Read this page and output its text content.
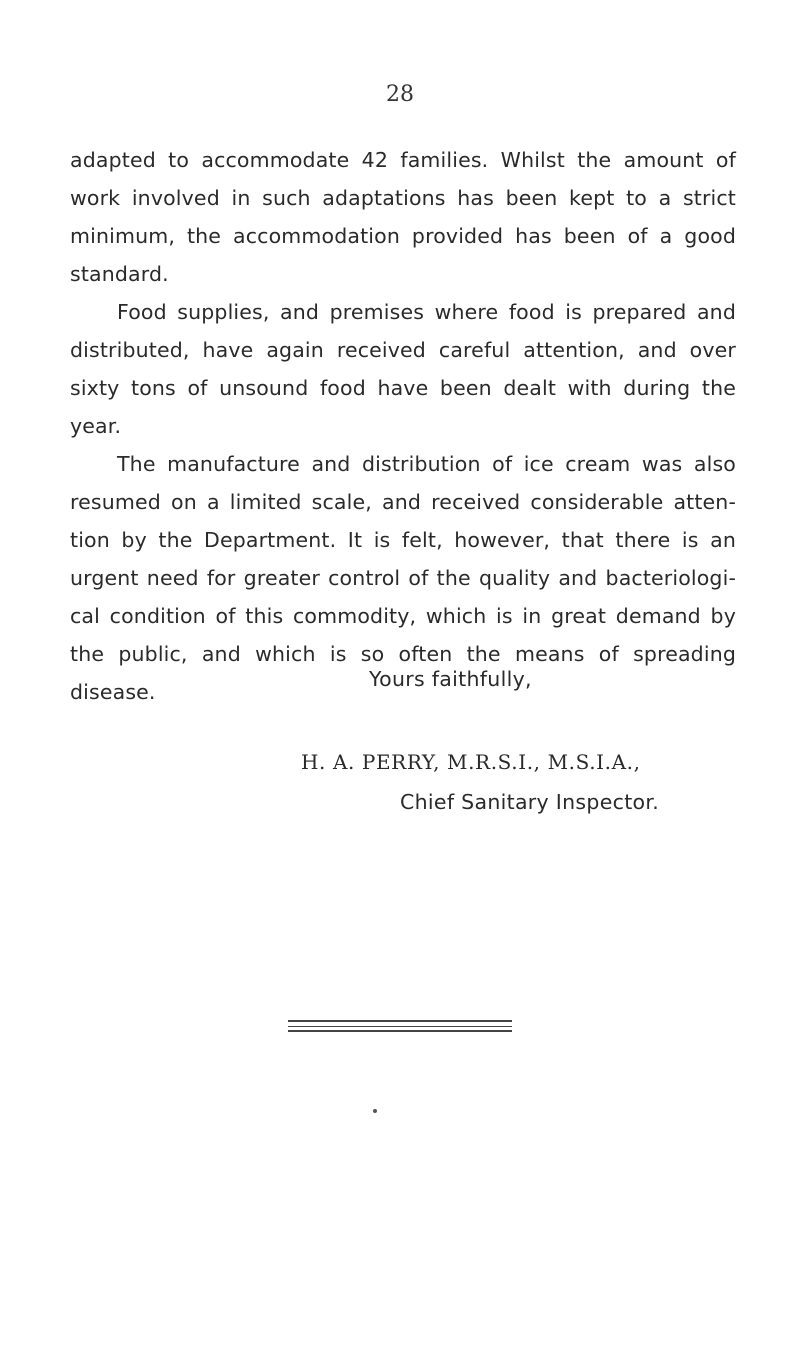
28

adapted to accommodate 42 families. Whilst the amount of work involved in such adaptations has been kept to a strict minimum, the accommodation provided has been of a good standard.

Food supplies, and premises where food is prepared and distributed, have again received careful attention, and over sixty tons of unsound food have been dealt with during the year.

The manufacture and distribution of ice cream was also resumed on a limited scale, and received considerable atten- tion by the Department. It is felt, however, that there is an urgent need for greater control of the quality and bacteriologi- cal condition of this commodity, which is in great demand by the public, and which is so often the means of spreading disease.

Yours faithfully,

H. A. PERRY, M.R.S.I., M.S.I.A.,

Chief Sanitary Inspector.
